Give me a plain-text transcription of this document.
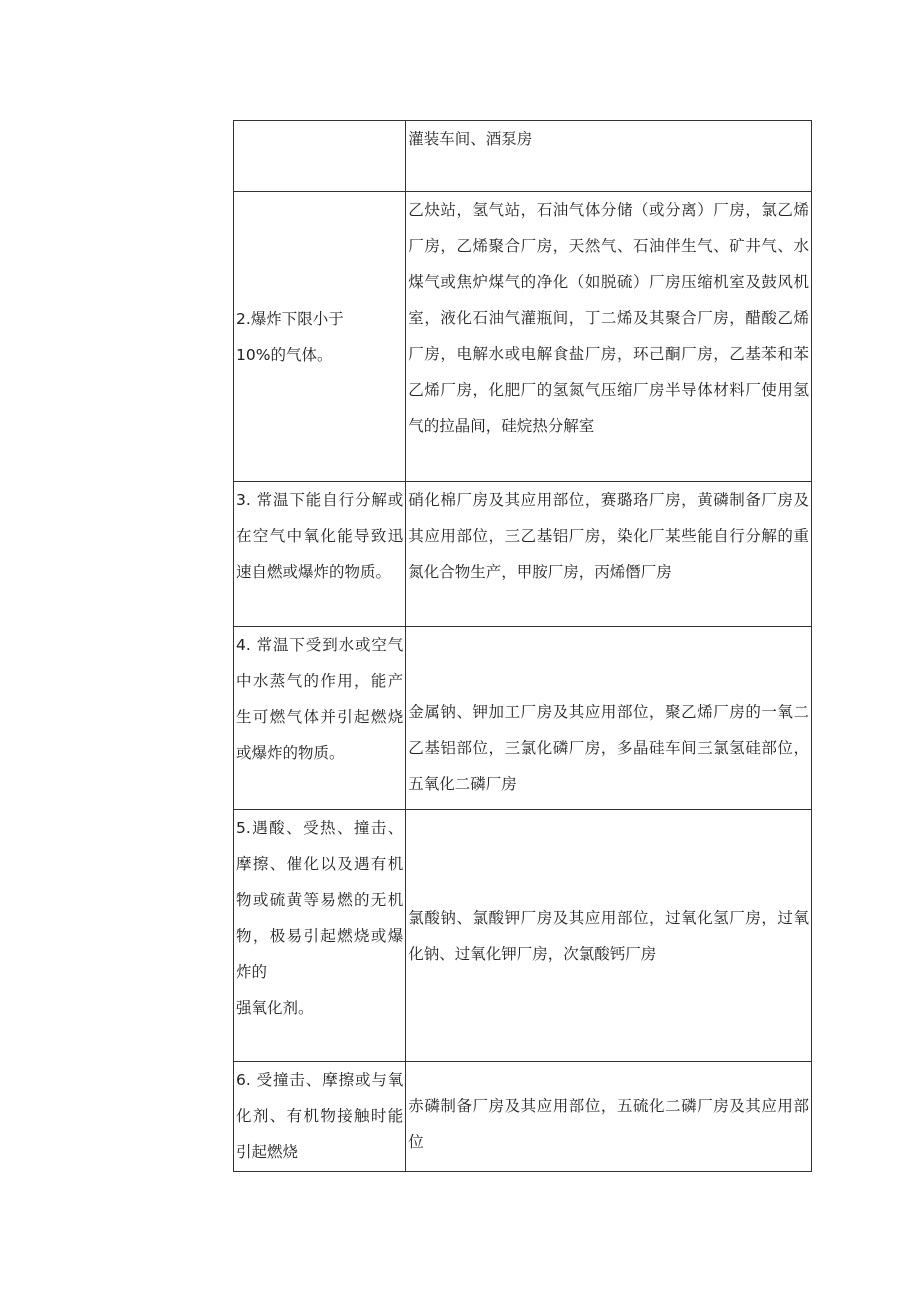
	灌装车间、酒泵房

2.爆炸下限小于
10%的气体。	乙炔站，氢气站，石油气体分储（或分离）厂房，氯乙烯厂房，乙烯聚合厂房，天然气、石油伴生气、矿井气、水煤气或焦炉煤气的净化（如脱硫）厂房压缩机室及鼓风机室，液化石油气灌瓶间，丁二烯及其聚合厂房，醋酸乙烯厂房，电解水或电解食盐厂房，环己酮厂房，乙基苯和苯乙烯厂房，化肥厂的氢氮气压缩厂房半导体材料厂使用氢气的拉晶间，硅烷热分解室

3. 常温下能自行分解或在空气中氧化能导致迅速自燃或爆炸的物质。	硝化棉厂房及其应用部位，赛璐珞厂房，黄磷制备厂房及其应用部位，三乙基铝厂房，染化厂某些能自行分解的重氮化合物生产，甲胺厂房，丙烯僭厂房

4. 常温下受到水或空气中水蒸气的作用，能产生可燃气体并引起燃烧或爆炸的物质。	金属钠、钾加工厂房及其应用部位，聚乙烯厂房的一氧二乙基铝部位，三氯化磷厂房，多晶硅车间三氯氢硅部位，五氧化二磷厂房

5.遇酸、受热、撞击、摩擦、催化以及遇有机物或硫黄等易燃的无机物，极易引起燃烧或爆炸的
强氧化剂。	氯酸钠、氯酸钾厂房及其应用部位，过氧化氢厂房，过氧化钠、过氧化钾厂房，次氯酸钙厂房

6. 受撞击、摩擦或与氧化剂、有机物接触时能引起燃烧	赤磷制备厂房及其应用部位，五硫化二磷厂房及其应用部位
